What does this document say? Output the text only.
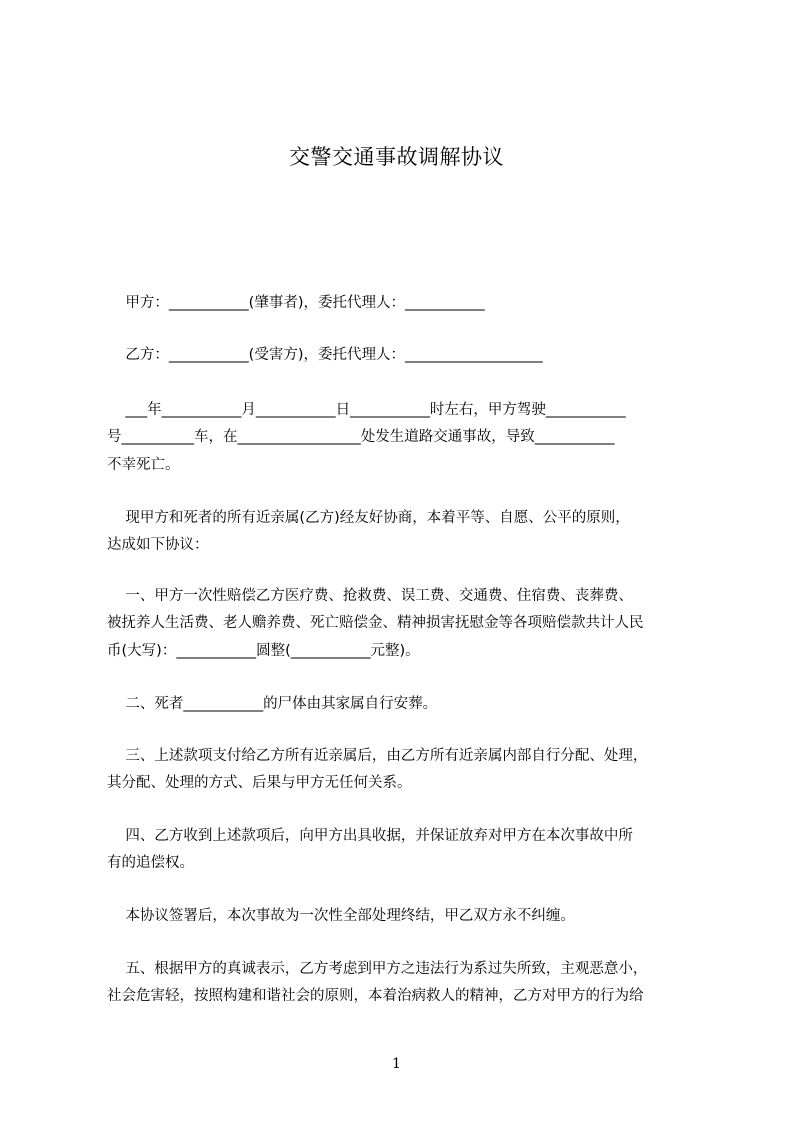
交警交通事故调解协议
甲方：___________(肇事者)，委托代理人：___________
乙方：___________(受害方)，委托代理人：___________________
___年___________月___________日___________时左右，甲方驾驶___________
号__________车，在_________________处发生道路交通事故，导致___________
不幸死亡。
现甲方和死者的所有近亲属(乙方)经友好协商，本着平等、自愿、公平的原则，
达成如下协议：
一、甲方一次性赔偿乙方医疗费、抢救费、误工费、交通费、住宿费、丧葬费、
被抚养人生活费、老人赡养费、死亡赔偿金、精神损害抚慰金等各项赔偿款共计人民
币(大写)：___________圆整(___________元整)。
二、死者___________的尸体由其家属自行安葬。
三、上述款项支付给乙方所有近亲属后，由乙方所有近亲属内部自行分配、处理，
其分配、处理的方式、后果与甲方无任何关系。
四、乙方收到上述款项后，向甲方出具收据，并保证放弃对甲方在本次事故中所
有的追偿权。
本协议签署后，本次事故为一次性全部处理终结，甲乙双方永不纠缠。
五、根据甲方的真诚表示，乙方考虑到甲方之违法行为系过失所致，主观恶意小，
社会危害轻，按照构建和谐社会的原则，本着治病救人的精神，乙方对甲方的行为给
1
